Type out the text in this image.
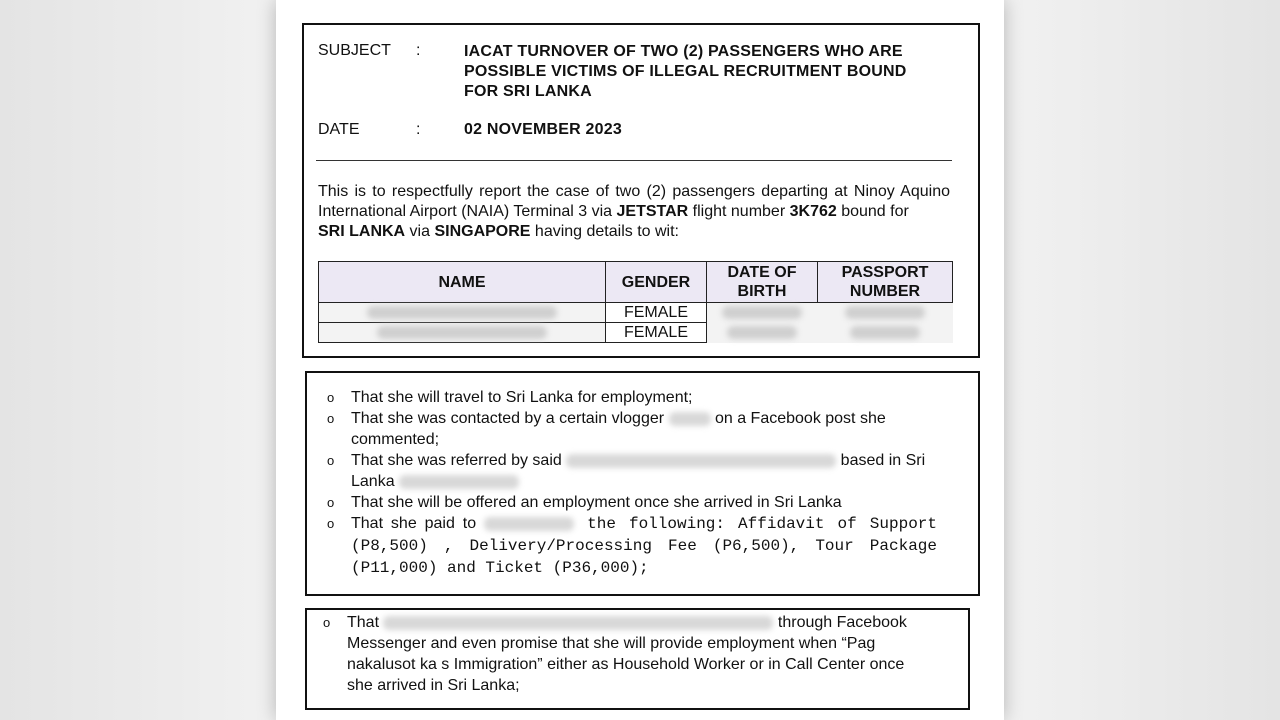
SUBJECT :	IACAT TURNOVER OF TWO (2) PASSENGERS WHO ARE POSSIBLE VICTIMS OF ILLEGAL RECRUITMENT BOUND FOR SRI LANKA
DATE	:	02 NOVEMBER 2023
This is to respectfully report the case of two (2) passengers departing at Ninoy Aquino International Airport (NAIA) Terminal 3 via JETSTAR flight number 3K762 bound for
SRI LANKA via SINGAPORE having details to wit:
NAME	GENDER	DATE OF BIRTH	PASSPORT NUMBER
	FEMALE		
	FEMALE		
o	That she will travel to Sri Lanka for employment;
o	That she was contacted by a certain vlogger	on a Facebook post she commented;
o	That she was referred by said	based in Sri Lanka
o	That she will be offered an employment once she arrived in Sri Lanka
o	That she paid to	the following: Affidavit of Support (P8,500) , Delivery/Processing Fee (P6,500), Tour Package (P11,000) and Ticket (P36,000);
o	That	through Facebook Messenger and even promise that she will provide employment when “Pag nakalusot ka s Immigration” either as Household Worker or in Call Center once she arrived in Sri Lanka;
